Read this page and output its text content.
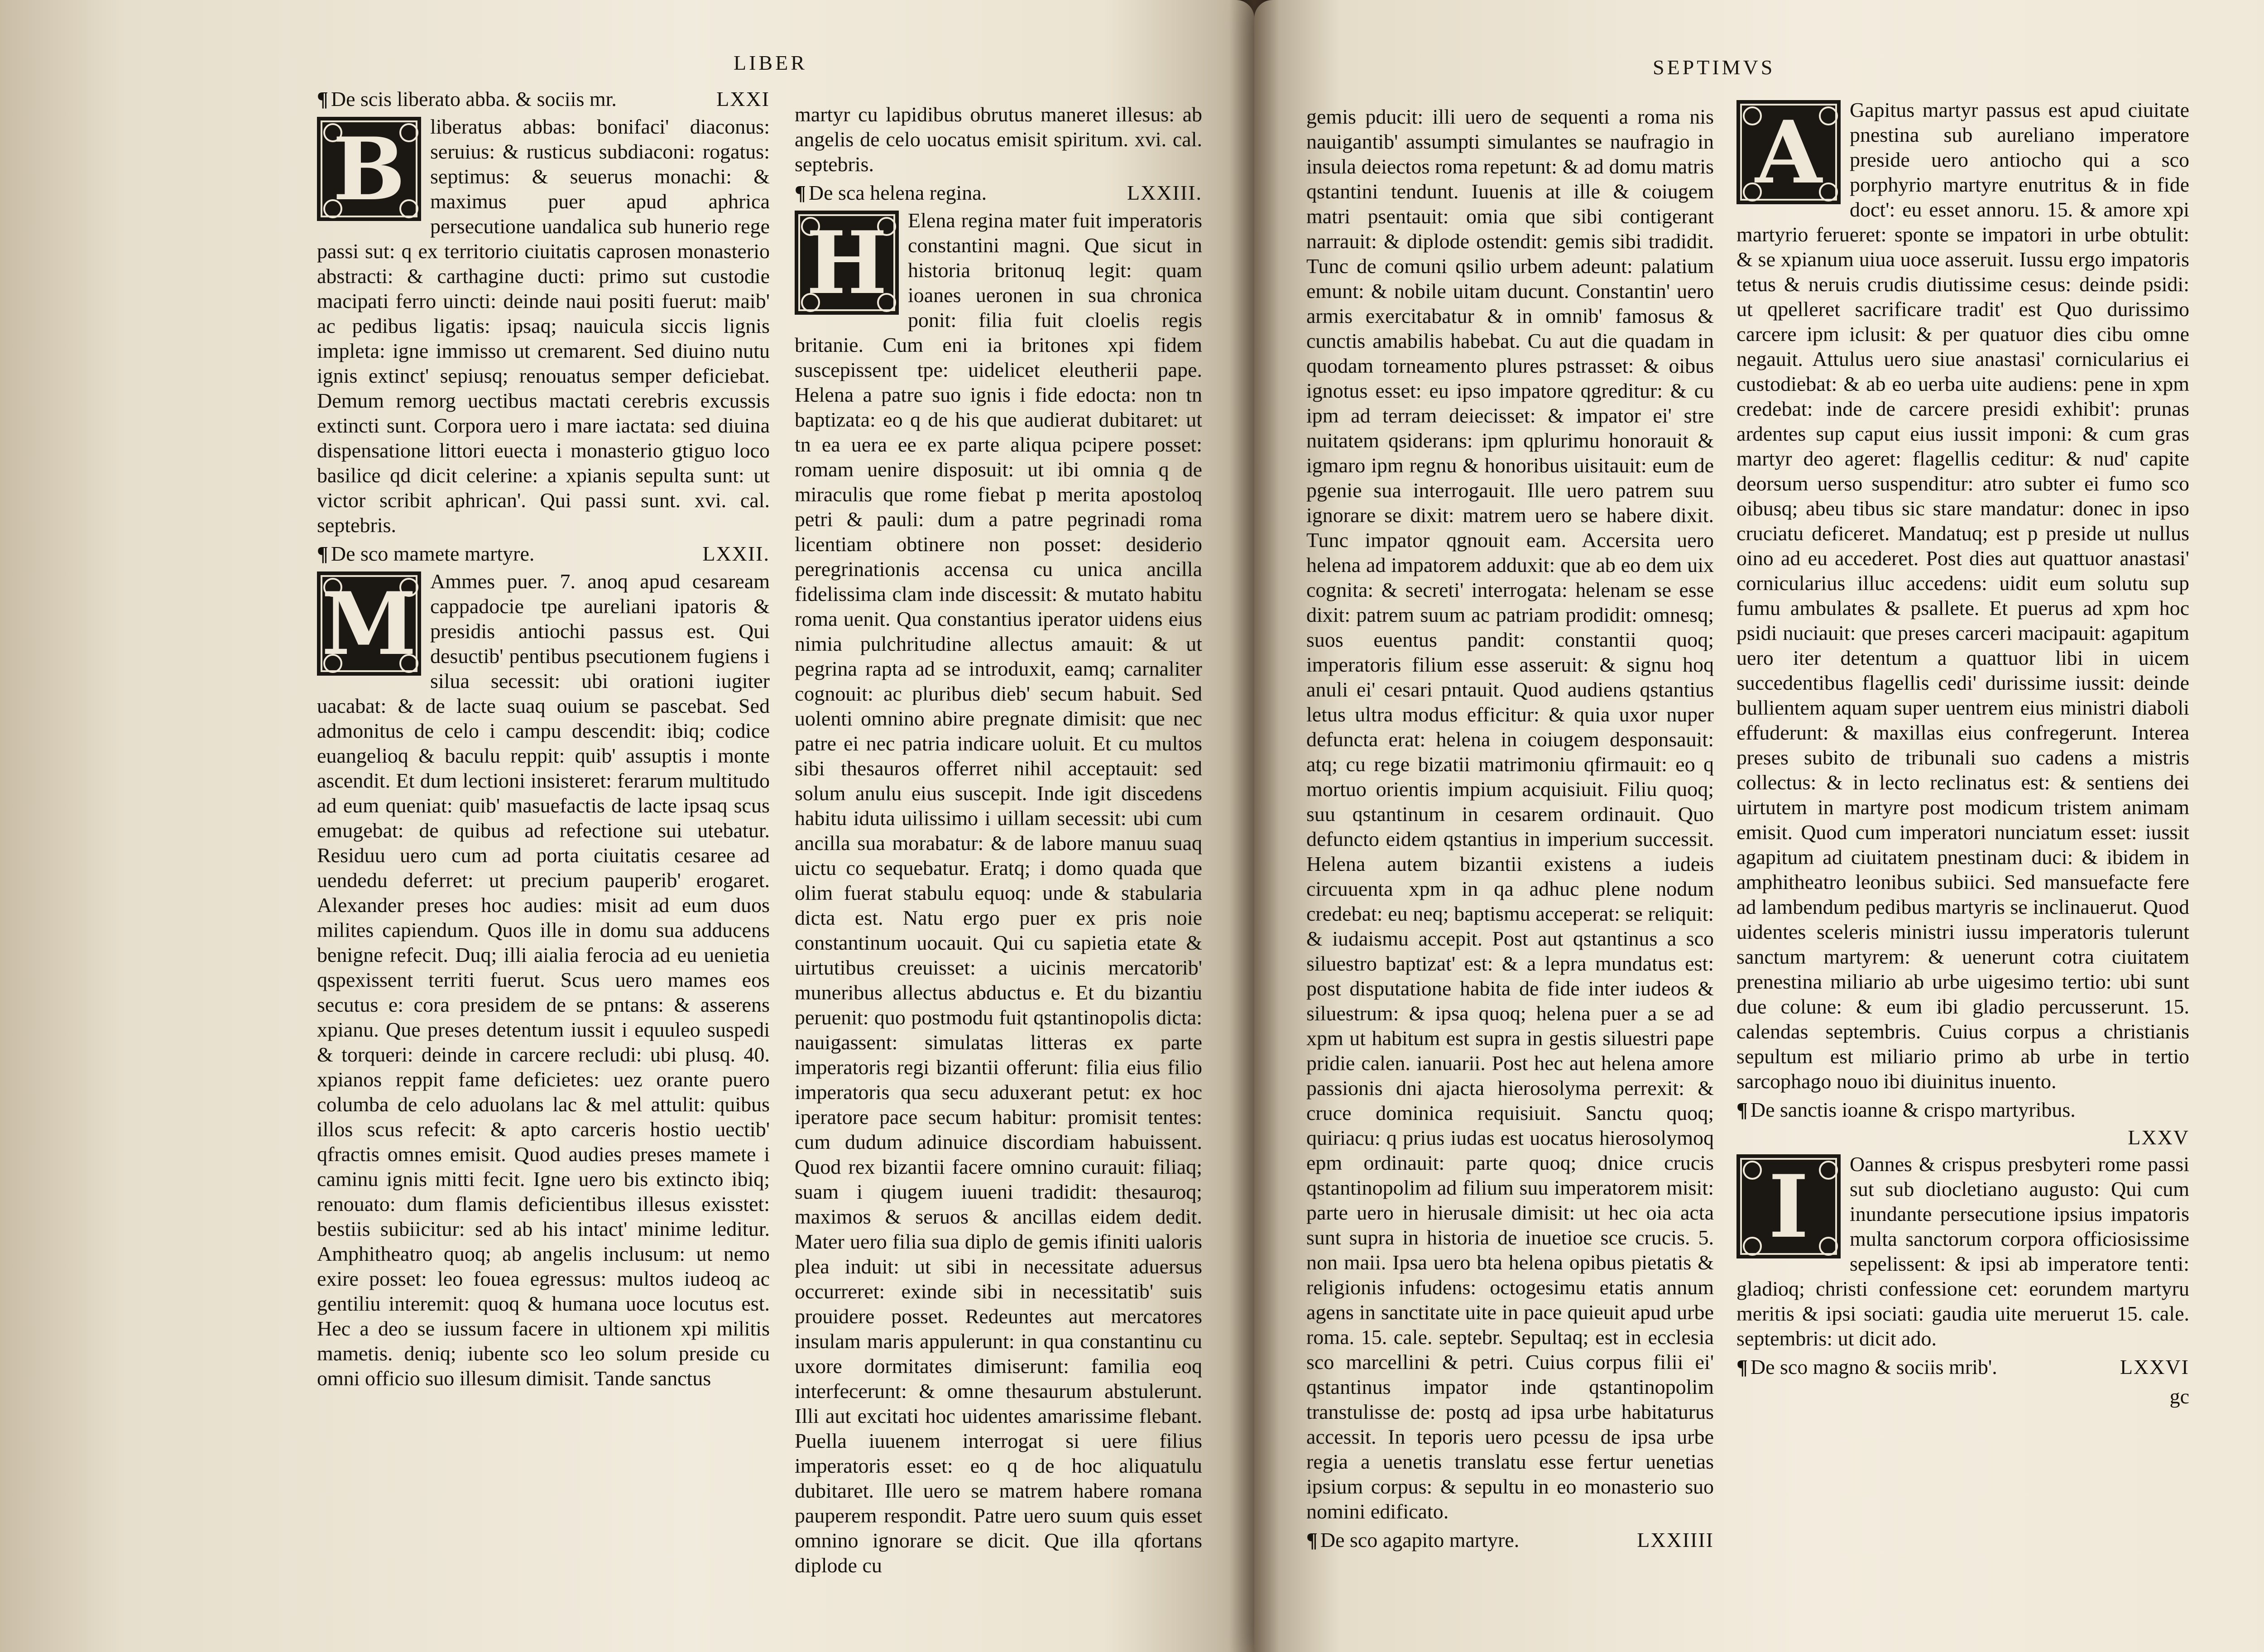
LIBER
¶ De scis liberato abba. & sociis mr.	LXXI
B	liberatus abbas: bonifaci' diaconus: seruius: & rusticus subdiaconi: rogatus: septimus: & seuerus monachi: & maximus puer apud aphrica persecutione uandalica sub hunerio rege passi sut: q ex territorio ciuitatis caprosen monasterio abstracti: & carthagine ducti: primo sut custodie macipati ferro uincti: deinde naui positi fuerut: maib' ac pedibus ligatis: ipsaq; nauicula siccis lignis impleta: igne immisso ut cremarent. Sed diuino nutu ignis extinct' sepiusq; renouatus semper deficiebat. Demum remorg uectibus mactati cerebris excussis extincti sunt. Corpora uero i mare iactata: sed diuina dispensatione littori euecta i monasterio gtiguo loco basilice qd dicit celerine: a xpianis sepulta sunt: ut victor scribit aphrican'. Qui passi sunt. xvi. cal. septebris.

¶ De sco mamete martyre.	LXXII.
M Ammes puer. 7. anoq apud cesaream cappadocie tpe aureliani ipatoris & presidis antiochi passus est. Qui desuctib' pentibus psecutionem fugiens i silua secessit: ubi orationi iugiter uacabat: & de lacte suaq ouium se pascebat. Sed admonitus de celo i campu descendit: ibiq; codice euangelioq & baculu reppit: quib' assuptis i monte ascendit. Et dum lectioni insisteret: ferarum multitudo ad eum queniat: quib' masuefactis de lacte ipsaq scus emugebat: de quibus ad refectione sui utebatur. Residuu uero cum ad porta ciuitatis cesaree ad uendedu deferret: ut precium pauperib' erogaret. Alexander preses hoc audies: misit ad eum duos milites capiendum. Quos ille in domu sua adducens benigne refecit. Duq; illi aialia ferocia ad eu uenietia qspexissent territi fuerut. Scus uero mames eos secutus e: cora presidem de se pntans: & asserens xpianu. Que preses detentum iussit i equuleo suspedi & torqueri: deinde in carcere recludi: ubi plusq. 40. xpianos reppit fame deficietes: uez orante puero columba de celo aduolans lac & mel attulit: quibus illos scus refecit: & apto carceris hostio uectib' qfractis omnes emisit. Quod audies preses mamete i caminu ignis mitti fecit. Igne uero bis extincto ibiq; renouato: dum flamis deficientibus illesus exisstet: bestiis subiicitur: sed ab his intact' minime leditur. Amphitheatro quoq; ab angelis inclusum: ut nemo exire posset: leo fouea egressus: multos iudeoq ac gentiliu interemit: quoq & humana uoce locutus est. Hec a deo se iussum facere in ultionem xpi militis mametis. deniq; iubente sco leo solum preside cu omni officio suo illesum dimisit. Tande sanctus

martyr cu lapidibus obrutus maneret illesus: ab angelis de celo uocatus emisit spiritum. xvi. cal. septebris.

¶ De sca helena regina.	LXXIII.
H Elena regina mater fuit imperatoris constantini magni. Que sicut in historia britonuq legit: quam ioanes ueronen in sua chronica ponit: filia fuit cloelis regis britanie. Cum eni ia britones xpi fidem suscepissent tpe: uidelicet eleutherii pape. Helena a patre suo ignis i fide edocta: non tn baptizata: eo q de his que audierat dubitaret: ut tn ea uera ee ex parte aliqua pcipere posset: romam uenire disposuit: ut ibi omnia q de miraculis que rome fiebat p merita apostoloq petri & pauli: dum a patre pegrinadi roma licentiam obtinere non posset: desiderio peregrinationis accensa cu unica ancilla fidelissima clam inde discessit: & mutato habitu roma uenit. Qua constantius iperator uidens eius nimia pulchritudine allectus amauit: & ut pegrina rapta ad se introduxit, eamq; carnaliter cognouit: ac pluribus dieb' secum habuit. Sed uolenti omnino abire pregnate dimisit: que nec patre ei nec patria indicare uoluit. Et cu multos sibi thesauros offerret nihil acceptauit: sed solum anulu eius suscepit. Inde igit discedens habitu iduta uilissimo i uillam secessit: ubi cum ancilla sua morabatur: & de labore manuu suaq uictu co sequebatur. Eratq; i domo quada que olim fuerat stabulu equoq: unde & stabularia dicta est. Natu ergo puer ex pris noie constantinum uocauit. Qui cu sapietia etate & uirtutibus creuisset: a uicinis mercatorib' muneribus allectus abductus e. Et du bizantiu peruenit: quo postmodu fuit qstantinopolis dicta: nauigassent: simulatas litteras ex parte imperatoris regi bizantii offerunt: filia eius filio imperatoris qua secu aduxerant petut: ex hoc iperatore pace secum habitur: promisit tentes: cum dudum adinuice discordiam habuissent. Quod rex bizantii facere omnino curauit: filiaq; suam i qiugem iuueni tradidit: thesauroq; maximos & seruos & ancillas eidem dedit. Mater uero filia sua diplo de gemis ifiniti ualoris plea induit: ut sibi in necessitate aduersus occurreret: exinde sibi in necessitatib' suis prouidere posset. Redeuntes aut mercatores insulam maris appulerunt: in qua constantinu cu uxore dormitates dimiserunt: familia eoq interfecerunt: & omne thesaurum abstulerunt. Illi aut excitati hoc uidentes amarissime flebant. Puella iuuenem interrogat si uere filius imperatoris esset: eo q de hoc aliquatulu dubitaret. Ille uero se matrem habere romana pauperem respondit. Patre uero suum quis esset omnino ignorare se dicit. Que illa qfortans diplode cu

SEPTIMVS

gemis pducit: illi uero de sequenti a roma nis nauigantib' assumpti simulantes se naufragio in insula deiectos roma repetunt: & ad domu matris qstantini tendunt. Iuuenis at ille & coiugem matri psentauit: omia que sibi contigerant narrauit: & diplode ostendit: gemis sibi tradidit. Tunc de comuni qsilio urbem adeunt: palatium emunt: & nobile uitam ducunt. Constantin' uero armis exercitabatur & in omnib' famosus & cunctis amabilis habebat. Cu aut die quadam in quodam torneamento plures pstrasset: & oibus ignotus esset: eu ipso impatore qgreditur: & cu ipm ad terram deiecisset: & impator ei' stre nuitatem qsiderans: ipm qplurimu honorauit & igmaro ipm regnu & honoribus uisitauit: eum de pgenie sua interrogauit. Ille uero patrem suu ignorare se dixit: matrem uero se habere dixit. Tunc impator qgnouit eam. Accersita uero helena ad impatorem adduxit: que ab eo dem uix cognita: & secreti' interrogata: helenam se esse dixit: patrem suum ac patriam prodidit: omnesq; suos euentus pandit: constantii quoq; imperatoris filium esse asseruit: & signu hoq anuli ei' cesari pntauit. Quod audiens qstantius letus ultra modus efficitur: & quia uxor nuper defuncta erat: helena in coiugem desponsauit: atq; cu rege bizatii matrimoniu qfirmauit: eo q mortuo orientis impium acquisiuit. Filiu quoq; suu qstantinum in cesarem ordinauit. Quo defuncto eidem qstantius in imperium successit. Helena autem bizantii existens a iudeis circuuenta xpm in qa adhuc plene nodum credebat: eu neq; baptismu acceperat: se reliquit: & iudaismu accepit. Post aut qstantinus a sco siluestro baptizat' est: & a lepra mundatus est: post disputatione habita de fide inter iudeos & siluestrum: & ipsa quoq; helena puer a se ad xpm ut habitum est supra in gestis siluestri pape pridie calen. ianuarii. Post hec aut helena amore passionis dni ajacta hierosolyma perrexit: & cruce dominica requisiuit. Sanctu quoq; quiriacu: q prius iudas est uocatus hierosolymoq epm ordinauit: parte quoq; dnice crucis qstantinopolim ad filium suu imperatorem misit: parte uero in hierusale dimisit: ut hec oia acta sunt supra in historia de inuetioe sce crucis. 5. non maii. Ipsa uero bta helena opibus pietatis & religionis infudens: octogesimu etatis annum agens in sanctitate uite in pace quieuit apud urbe roma. 15. cale. septebr. Sepultaq; est in ecclesia sco marcellini & petri. Cuius corpus filii ei' qstantinus impator inde qstantinopolim transtulisse de: postq ad ipsa urbe habitaturus accessit. In teporis uero pcessu de ipsa urbe regia a uenetis translatu esse fertur uenetias ipsium corpus: & sepultu in eo monasterio suo nomini edificato.

¶ De sco agapito martyre.	LXXIIII
A	Gapitus martyr passus est apud ciuitate pnestina sub aureliano imperatore preside uero antiocho qui a sco porphyrio martyre enutritus & in fide doct': eu esset annoru. 15. & amore xpi martyrio ferueret: sponte se impatori in urbe obtulit: & se xpianum uiua uoce asseruit. Iussu ergo impatoris tetus & neruis crudis diutissime cesus: deinde psidi: ut qpelleret sacrificare tradit' est Quo durissimo carcere ipm iclusit: & per quatuor dies cibu omne negauit. Attulus uero siue anastasi' cornicularius ei custodiebat: & ab eo uerba uite audiens: pene in xpm credebat: inde de carcere presidi exhibit': prunas ardentes sup caput eius iussit imponi: & cum gras martyr deo ageret: flagellis ceditur: & nud' capite deorsum uerso suspenditur: atro subter ei fumo sco oibusq; abeu tibus sic stare mandatur: donec in ipso cruciatu deficeret. Mandatuq; est p preside ut nullus oino ad eu accederet. Post dies aut quattuor anastasi' cornicularius illuc accedens: uidit eum solutu sup fumu ambulates & psallete. Et puerus ad xpm hoc psidi nuciauit: que preses carceri macipauit: agapitum uero iter detentum a quattuor libi in uicem succedentibus flagellis cedi' durissime iussit: deinde bullientem aquam super uentrem eius ministri diaboli effuderunt: & maxillas eius confregerunt. Interea preses subito de tribunali suo cadens a mistris collectus: & in lecto reclinatus est: & sentiens dei uirtutem in martyre post modicum tristem animam emisit. Quod cum imperatori nunciatum esset: iussit agapitum ad ciuitatem pnestinam duci: & ibidem in amphitheatro leonibus subiici. Sed mansuefacte fere ad lambendum pedibus martyris se inclinauerut. Quod uidentes sceleris ministri iussu imperatoris tulerunt sanctum martyrem: & uenerunt cotra ciuitatem prenestina miliario ab urbe uigesimo tertio: ubi sunt due colune: & eum ibi gladio percusserunt. 15. calendas septembris. Cuius corpus a christianis sepultum est miliario primo ab urbe in tertio sarcophago nouo ibi diuinitus inuento.

¶ De sanctis ioanne & crispo martyribus.
LXXV
I	Oannes & crispus presbyteri rome passi sut sub diocletiano augusto: Qui cum inundante persecutione ipsius impatoris multa sanctorum corpora officiosissime sepelissent: & ipsi ab imperatore tenti: gladioq; christi confessione cet: eorundem martyru meritis & ipsi sociati: gaudia uite meruerut 15. cale. septembris: ut dicit ado.

¶ De sco magno & sociis mrib'.	LXXVI
gc
